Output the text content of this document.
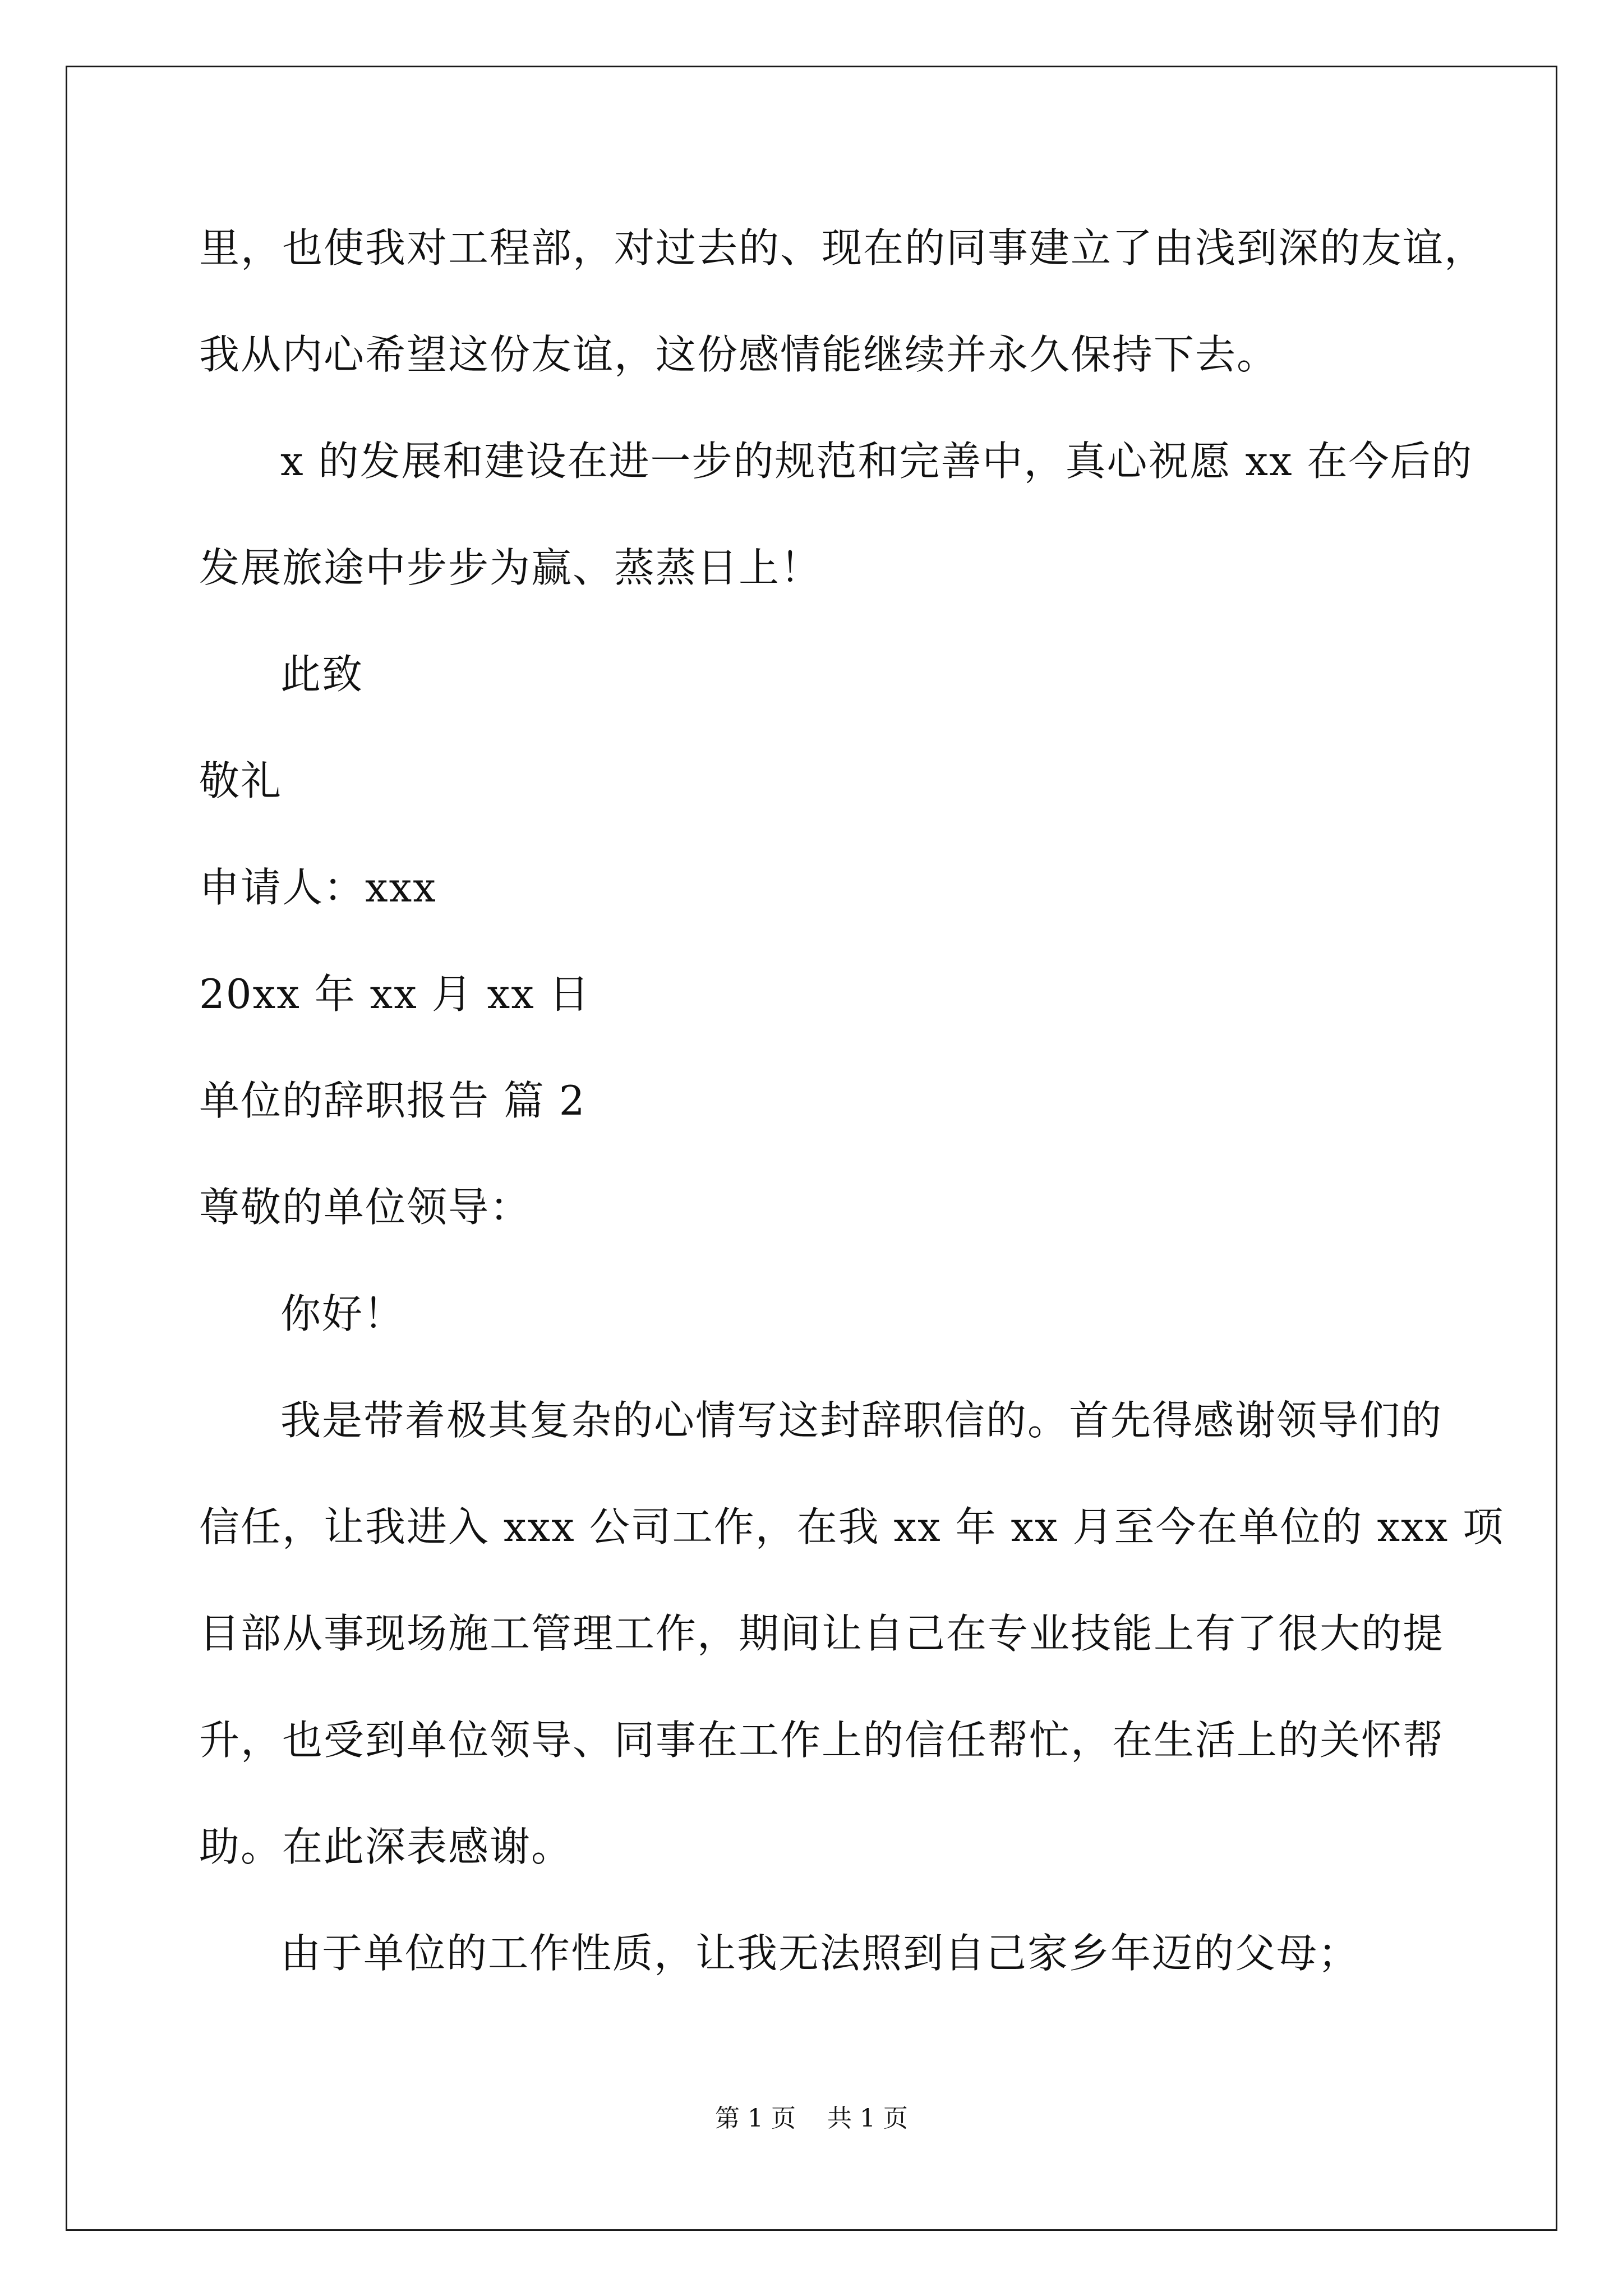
里，也使我对工程部，对过去的、现在的同事建立了由浅到深的友谊，
我从内心希望这份友谊，这份感情能继续并永久保持下去。
x 的发展和建设在进一步的规范和完善中，真心祝愿 xx 在今后的
发展旅途中步步为赢、蒸蒸日上！
此致
敬礼
申请人：xxx
20xx 年 xx 月 xx 日
单位的辞职报告 篇 2
尊敬的单位领导：
你好！
我是带着极其复杂的心情写这封辞职信的。首先得感谢领导们的
信任，让我进入 xxx 公司工作，在我 xx 年 xx 月至今在单位的 xxx 项
目部从事现场施工管理工作，期间让自己在专业技能上有了很大的提
升，也受到单位领导、同事在工作上的信任帮忙，在生活上的关怀帮
助。在此深表感谢。
由于单位的工作性质，让我无法照到自己家乡年迈的父母；
第 1 页    共 1 页
